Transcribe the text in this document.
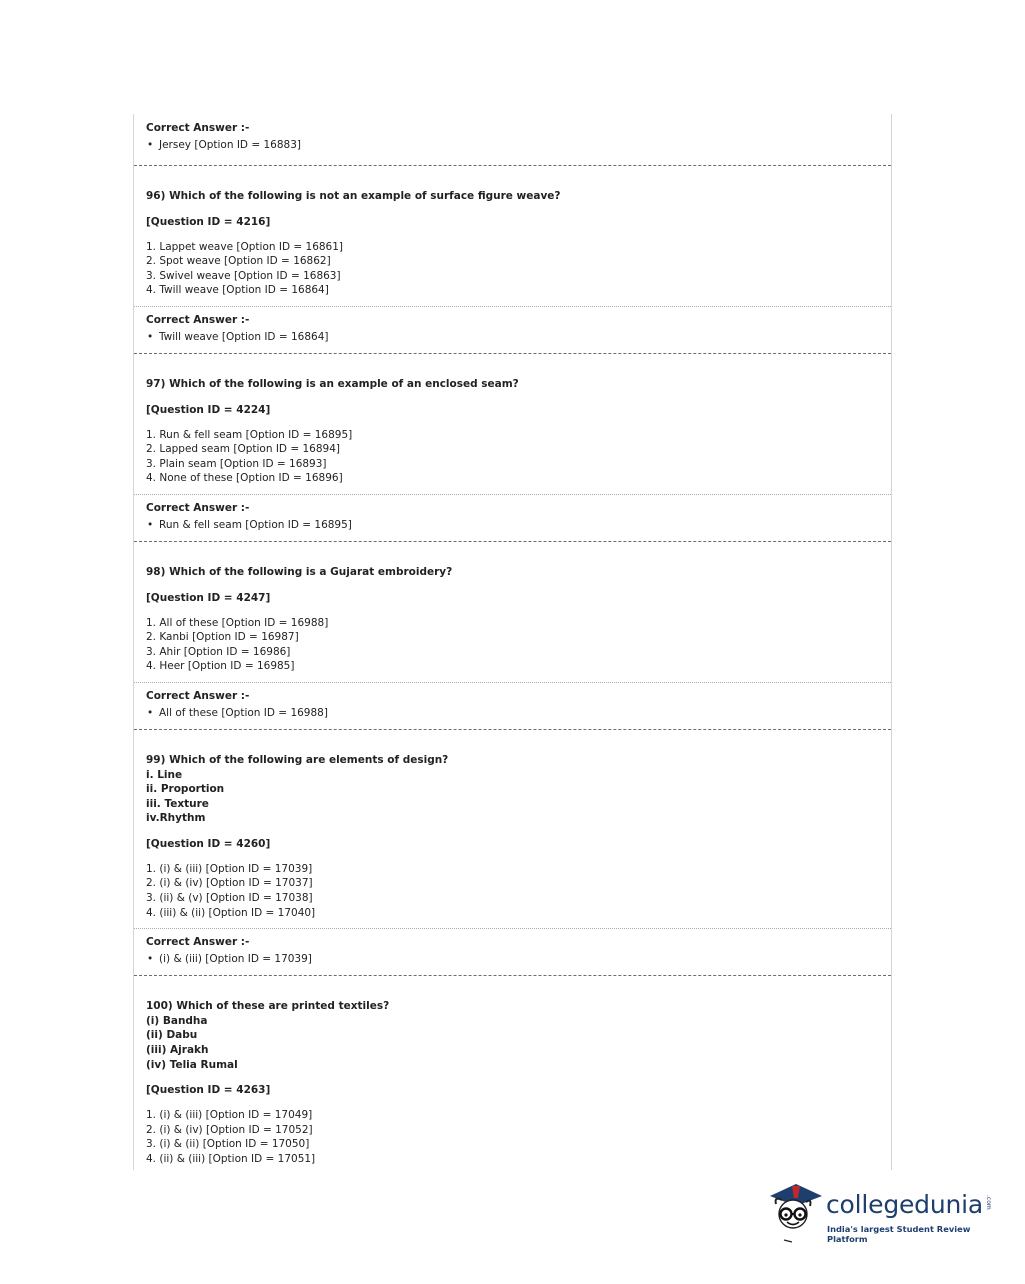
Correct Answer :-
• Jersey [Option ID = 16883]
96) Which of the following is not an example of surface figure weave?
[Question ID = 4216]
1. Lappet weave [Option ID = 16861]
2. Spot weave [Option ID = 16862]
3. Swivel weave [Option ID = 16863]
4. Twill weave [Option ID = 16864]
Correct Answer :-
• Twill weave [Option ID = 16864]
97) Which of the following is an example of an enclosed seam?
[Question ID = 4224]
1. Run & fell seam [Option ID = 16895]
2. Lapped seam [Option ID = 16894]
3. Plain seam [Option ID = 16893]
4. None of these [Option ID = 16896]
Correct Answer :-
• Run & fell seam [Option ID = 16895]
98) Which of the following is a Gujarat embroidery?
[Question ID = 4247]
1. All of these [Option ID = 16988]
2. Kanbi [Option ID = 16987]
3. Ahir [Option ID = 16986]
4. Heer [Option ID = 16985]
Correct Answer :-
• All of these [Option ID = 16988]
99) Which of the following are elements of design?
i. Line
ii. Proportion
iii. Texture
iv.Rhythm
[Question ID = 4260]
1. (i) & (iii) [Option ID = 17039]
2. (i) & (iv) [Option ID = 17037]
3. (ii) & (v) [Option ID = 17038]
4. (iii) & (ii) [Option ID = 17040]
Correct Answer :-
• (i) & (iii) [Option ID = 17039]
100) Which of these are printed textiles?
(i) Bandha
(ii) Dabu
(iii) Ajrakh
(iv) Telia Rumal
[Question ID = 4263]
1. (i) & (iii) [Option ID = 17049]
2. (i) & (iv) [Option ID = 17052]
3. (i) & (ii) [Option ID = 17050]
4. (ii) & (iii) [Option ID = 17051]
collegedunia .com
India's largest Student Review Platform
